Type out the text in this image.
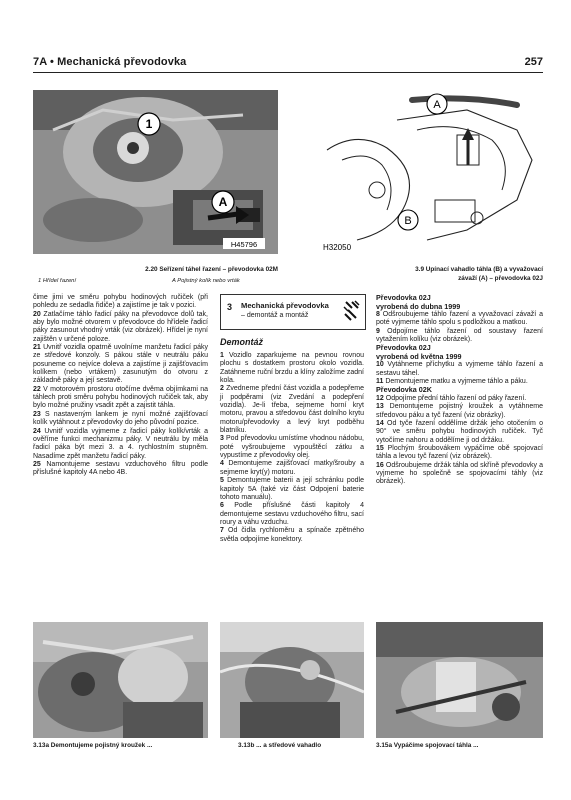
7A • Mechanická převodovka	257
1
A
H45796
A
B
H32050
2.20 Seřízení táhel řazení – převodovka 02M
1 Hřídel řazení	A Pojistný kolík nebo vrták
3.9 Upínací vahadlo táhla (B) a vyvažovací
závaží (A) – převodovka 02J

čime jimi ve směru pohybu hodinových ručiček (při pohledu ze sedadla řidiče) a zajistíme je tak v pozici.

20 Zatlačíme táhlo řadicí páky na převodovce dolů tak, aby bylo možné otvorem v převodovce do hřídele řadicí páky zasunout vhodný vrták (viz obrázek). Hřídel je nyní zajištěn v určené poloze.

21 Uvnitř vozidla opatrně uvolníme manžetu řadicí páky ze středové konzoly. S pákou stále v neutrálu páku posuneme co nejvíce doleva a zajistíme ji zajišťovacím kolíkem (nebo vrtákem) zasunutým do otvoru z základně páky a její sestavě.

22 V motorovém prostoru otočíme dvěma objímkami na táhlech proti směru pohybu hodinových ručiček tak, aby bylo možné pružiny vsadit zpět a zajistit táhla.

23 S nastaveným lankem je nyní možné zajišťovací kolík vytáhnout z převodovky do jeho původní pozice.

24 Uvnitř vozidla vyjmeme z řadicí páky kolík/vrták a ověříme funkci mechanizmu páky. V neutrálu by měla řadicí páka být mezi 3. a 4. rychlostním stupněm. Nasadíme zpět manžetu řadicí páky.

25 Namontujeme sestavu vzduchového filtru podle příslušné kapitoly 4A nebo 4B.

3 Mechanická převodovka
– demontáž a montáž
Demontáž

1 Vozidlo zaparkujeme na pevnou rovnou plochu s dostatkem prostoru okolo vozidla. Zatáhneme ruční brzdu a klíny založíme zadní kola.

2 Zvedneme přední část vozidla a podepřeme ji podpěrami (viz Zvedání a podepření vozidla). Je-li třeba, sejmeme horní kryt motoru, pravou a středovou část dolního krytu motoru/převodovky a levý kryt podběhu blatníku.

3 Pod převodovku umístíme vhodnou nádobu, poté vyšroubujeme vypouštěcí zátku a vypustíme z převodovky olej.

4 Demontujeme zajišťovací matky/šrouby a sejmeme kryt(y) motoru.

5 Demontujeme baterii a její schránku podle kapitoly 5A (také viz část Odpojení baterie tohoto manuálu).

6 Podle příslušné části kapitoly 4 demontujeme sestavu vzduchového filtru, sací roury a váhu vzduchu.

7 Od čidla rychloměru a spínače zpětného světla odpojíme konektory.

Převodovka 02J

vyrobená do dubna 1999

8 Odšroubujeme táhlo řazení a vyvažovací závaží a poté vyjmeme táhlo spolu s podložkou a matkou.

9 Odpojíme táhlo řazení od soustavy řazení vytažením kolíku (viz obrázek).

Převodovka 02J

vyrobená od května 1999

10 Vytáhneme příchytku a vyjmeme táhlo řazení a sestavu táhel.

11 Demontujeme matku a vyjmeme táhlo a páku.

Převodovka 02K

12 Odpojíme přední táhlo řazení od páky řazení.

13 Demontujeme pojistný kroužek a vytáhneme středovou páku a tyč řazení (viz obrázky).

14 Od tyče řazení oddělíme držák jeho otočením o 90° ve směru pohybu hodinových ručiček. Tyč vytočíme nahoru a oddělíme ji od držáku.

15 Plochým šroubovákem vypáčíme obě spojovací táhla a levou tyč řazení (viz obrázek).

16 Odšroubujeme držák táhla od skříně převodovky a vyjmeme ho společně se spojovacími táhly (viz obrázek).

3.13a Demontujeme pojistný kroužek ...	3.13b ... a středové vahadlo	3.15a Vypáčíme spojovací táhla ...
